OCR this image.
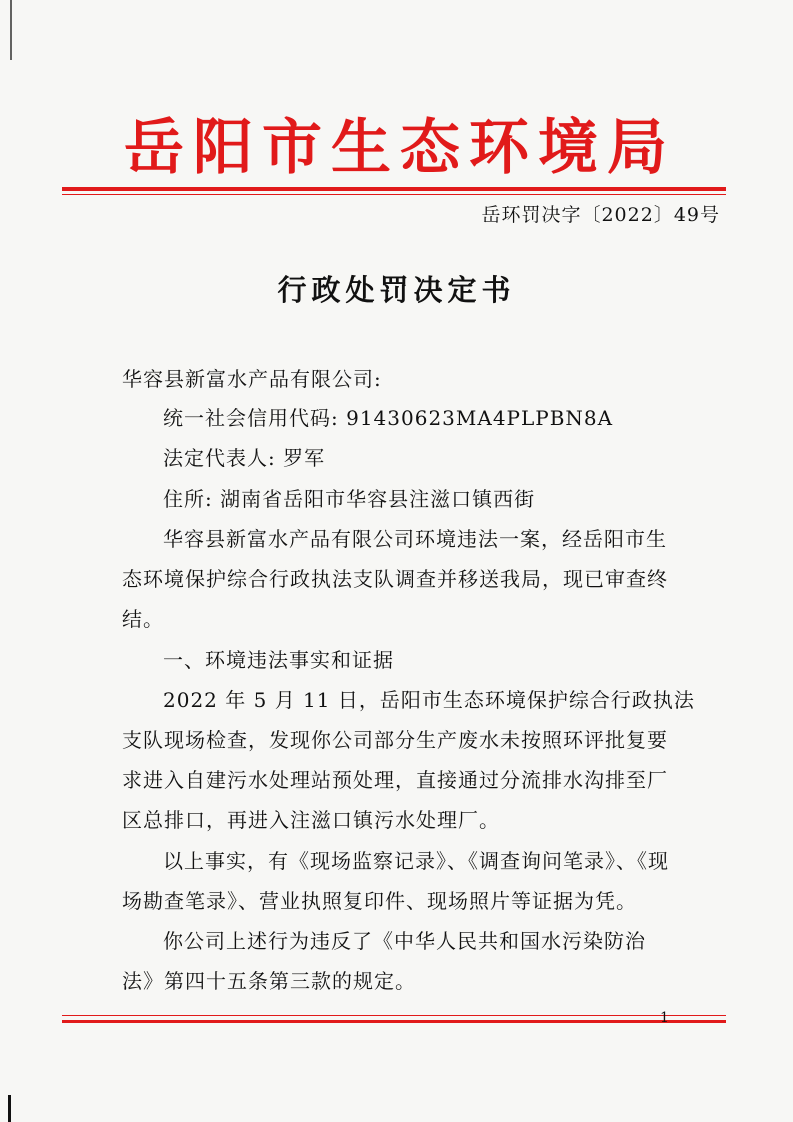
岳阳市生态环境局
岳环罚决字〔2022〕49号
行政处罚决定书
华容县新富水产品有限公司:
统一社会信用代码: 91430623MA4PLPBN8A
法定代表人: 罗军
住所: 湖南省岳阳市华容县注滋口镇西街
华容县新富水产品有限公司环境违法一案，经岳阳市生
态环境保护综合行政执法支队调查并移送我局，现已审查终
结。
一、环境违法事实和证据
2022 年 5 月 11 日，岳阳市生态环境保护综合行政执法
支队现场检查，发现你公司部分生产废水未按照环评批复要
求进入自建污水处理站预处理，直接通过分流排水沟排至厂
区总排口，再进入注滋口镇污水处理厂。
以上事实，有《现场监察记录》、《调查询问笔录》、《现
场勘查笔录》、营业执照复印件、现场照片等证据为凭。
你公司上述行为违反了《中华人民共和国水污染防治
法》第四十五条第三款的规定。
1
